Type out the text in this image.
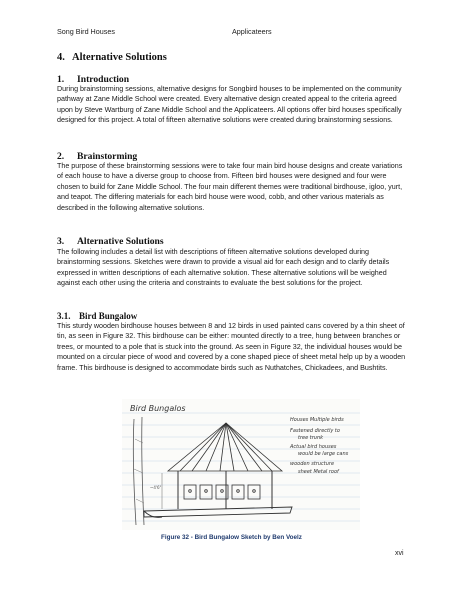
Song Bird Houses	Applicateers
4. Alternative Solutions
1. Introduction
During brainstorming sessions, alternative designs for Songbird houses to be implemented on the community pathway at Zane Middle School were created. Every alternative design created appeal to the criteria agreed upon by Steve Wartburg of Zane Middle School and the Applicateers. All options offer bird houses specifically designed for this project. A total of fifteen alternative solutions were created during brainstorming sessions.
2. Brainstorming
The purpose of these brainstorming sessions were to take four main bird house designs and create variations of each house to have a diverse group to choose from. Fifteen bird houses were designed and four were chosen to build for Zane Middle School. The four main different themes were traditional birdhouse, igloo, yurt, and teapot. The differing materials for each bird house were wood, cobb, and other various materials as described in the following alternative solutions.
3. Alternative Solutions
The following includes a detail list with descriptions of fifteen alternative solutions developed during brainstorming sessions. Sketches were drawn to provide a visual aid for each design and to clarify details expressed in written descriptions of each alternative solution. These alternative solutions will be weighed against each other using the criteria and constraints to evaluate the best solutions for the project.
3.1. Bird Bungalow
This sturdy wooden birdhouse houses between 8 and 12 birds in used painted cans covered by a thin sheet of tin, as seen in Figure 32. This birdhouse can be either: mounted directly to a tree, hung between branches or trees, or mounted to a pole that is stuck into the ground. As seen in Figure 32, the individual houses would be mounted on a circular piece of wood and covered by a cone shaped piece of sheet metal help up by a wooden frame. This birdhouse is designed to accommodate birds such as Nuthatches, Chickadees, and Bushtits.
Bird Bungalos
~4'6"
Houses Multiple birds
Fastened directly to
tree trunk
Actual bird houses
would be large cans
wooden structure
sheet Metal roof
Figure 32 - Bird Bungalow Sketch by Ben Voelz
xvi
